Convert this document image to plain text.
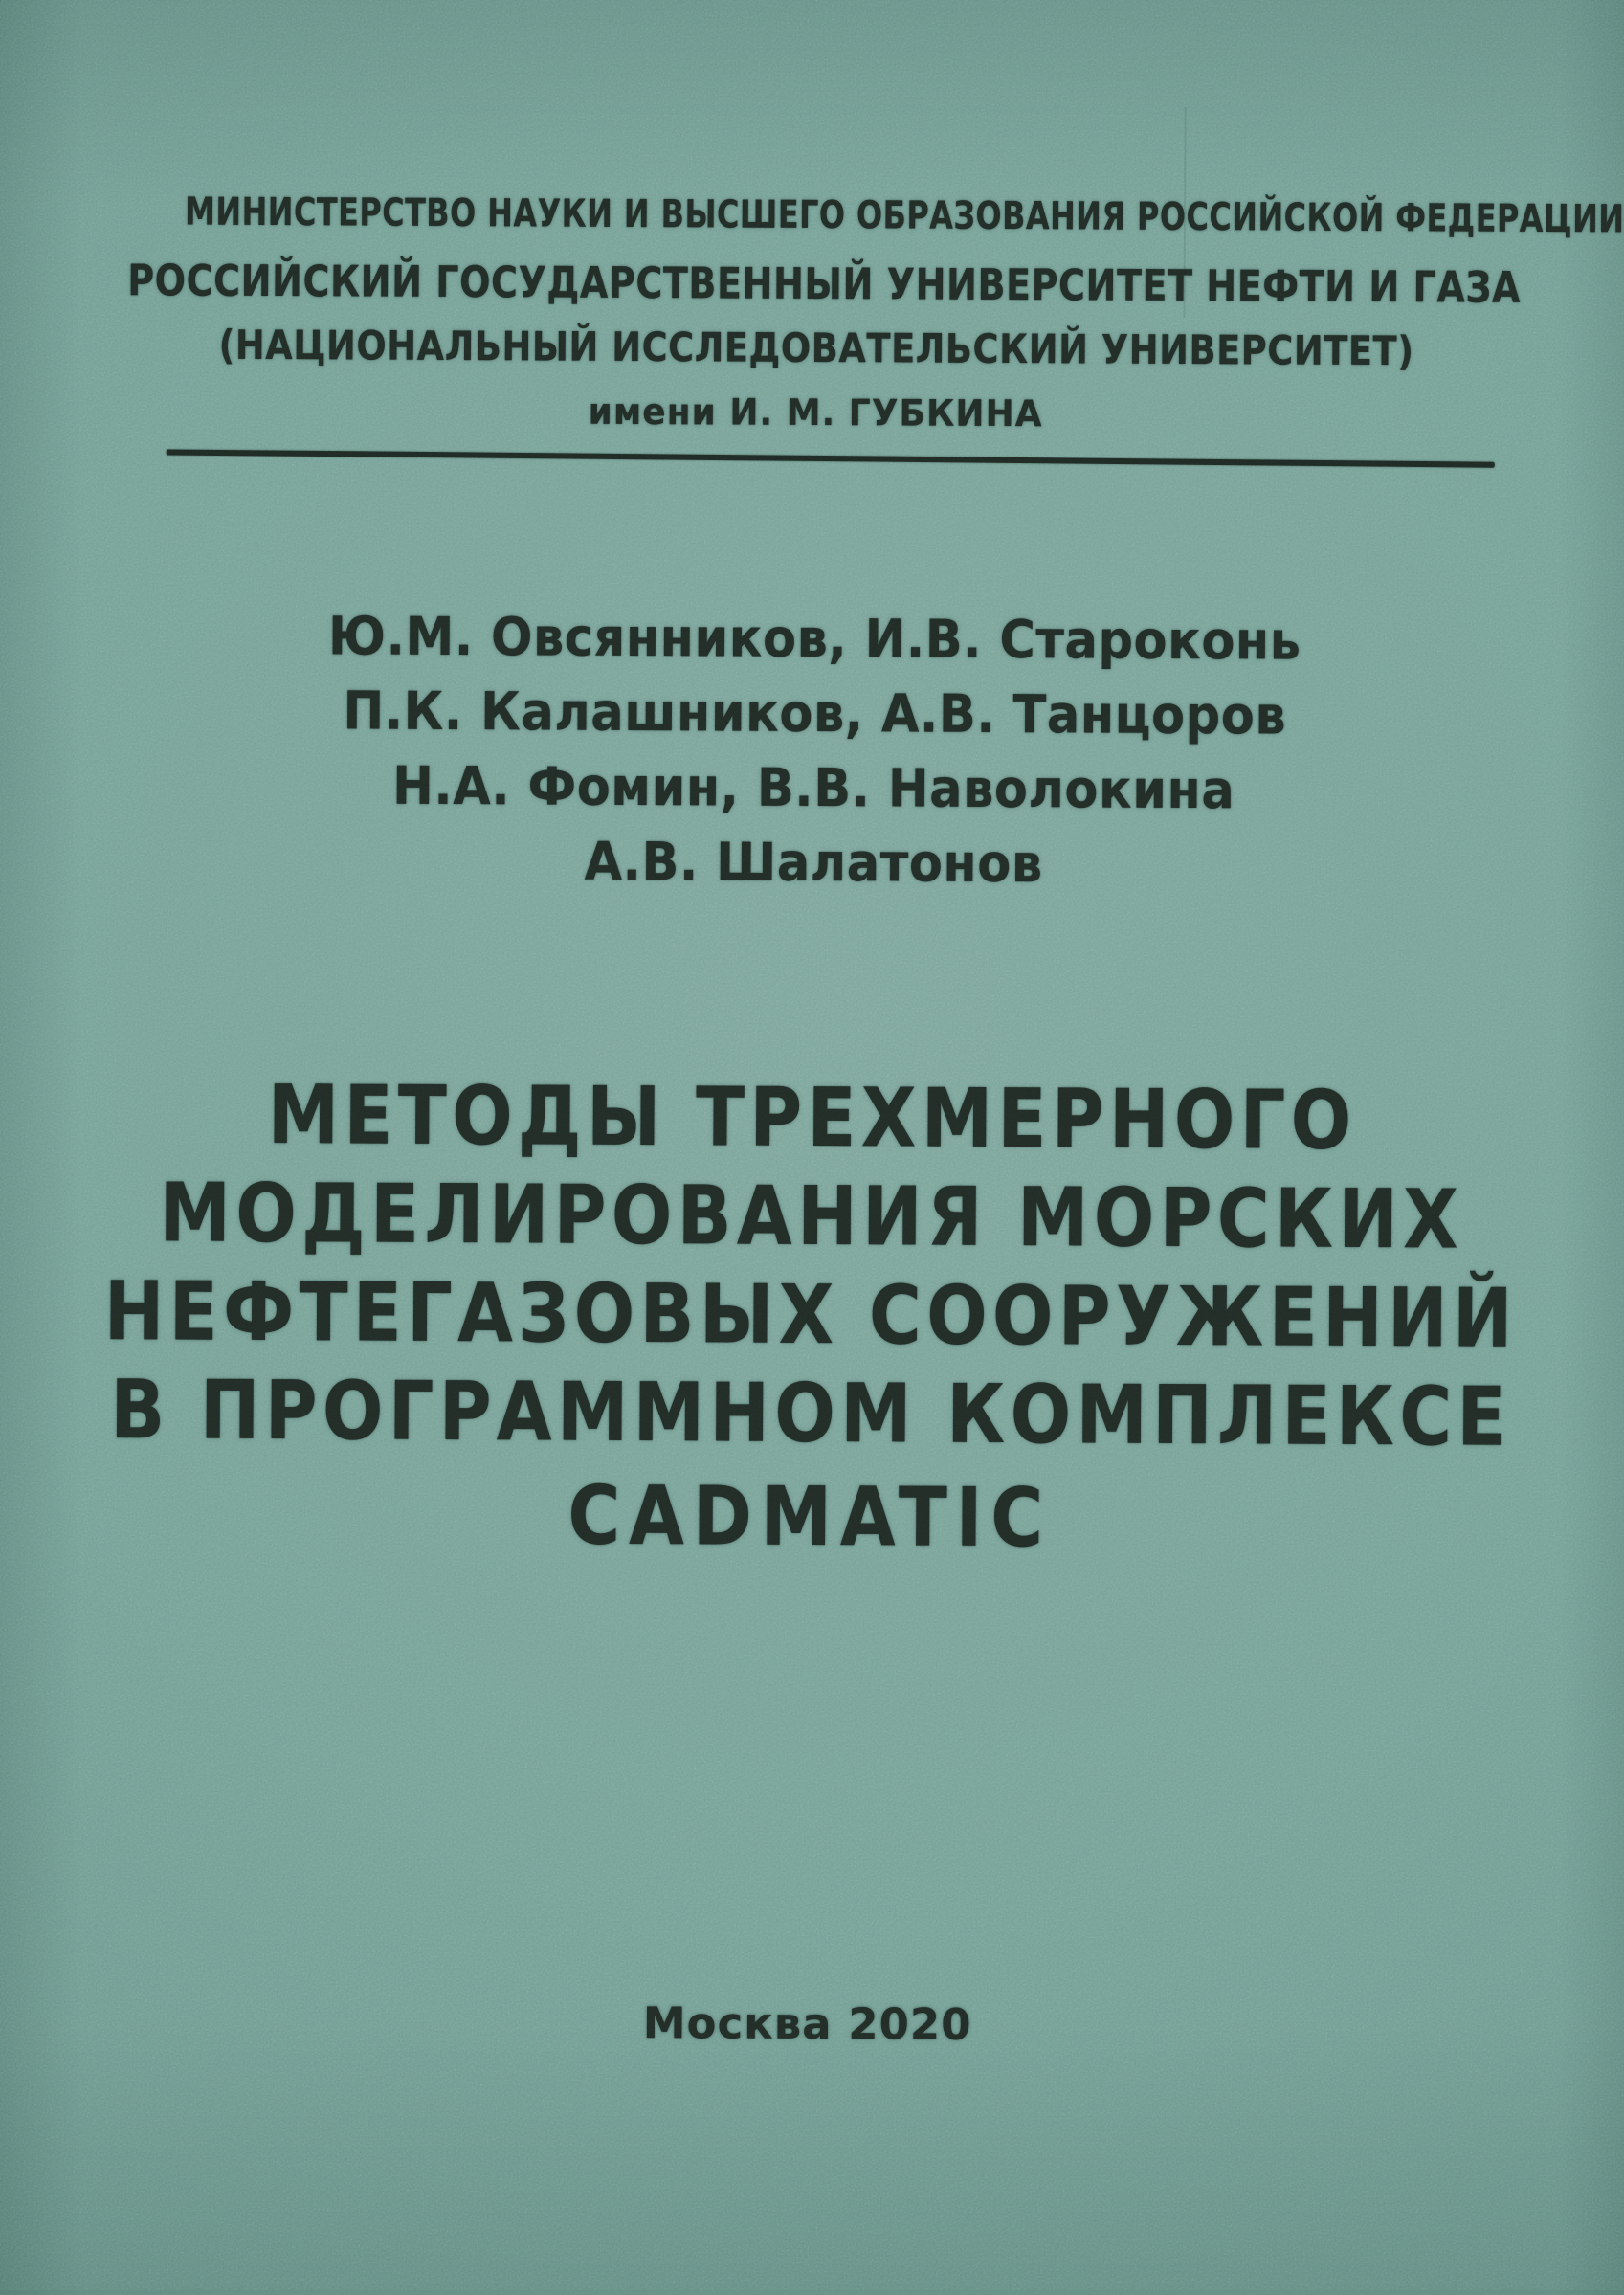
МИНИСТЕРСТВО НАУКИ И ВЫСШЕГО ОБРАЗОВАНИЯ РОССИЙСКОЙ ФЕДЕРАЦИИ
РОССИЙСКИЙ ГОСУДАРСТВЕННЫЙ УНИВЕРСИТЕТ НЕФТИ И ГАЗА
(НАЦИОНАЛЬНЫЙ ИССЛЕДОВАТЕЛЬСКИЙ УНИВЕРСИТЕТ)
имени И. М. ГУБКИНА
Ю.М. Овсянников, И.В. Староконь
П.К. Калашников, А.В. Танцоров
Н.А. Фомин, В.В. Наволокина
А.В. Шалатонов
МЕТОДЫ ТРЕХМЕРНОГО
МОДЕЛИРОВАНИЯ МОРСКИХ
НЕФТЕГАЗОВЫХ СООРУЖЕНИЙ
В ПРОГРАММНОМ КОМПЛЕКСЕ
CADMATIC
Москва 2020
